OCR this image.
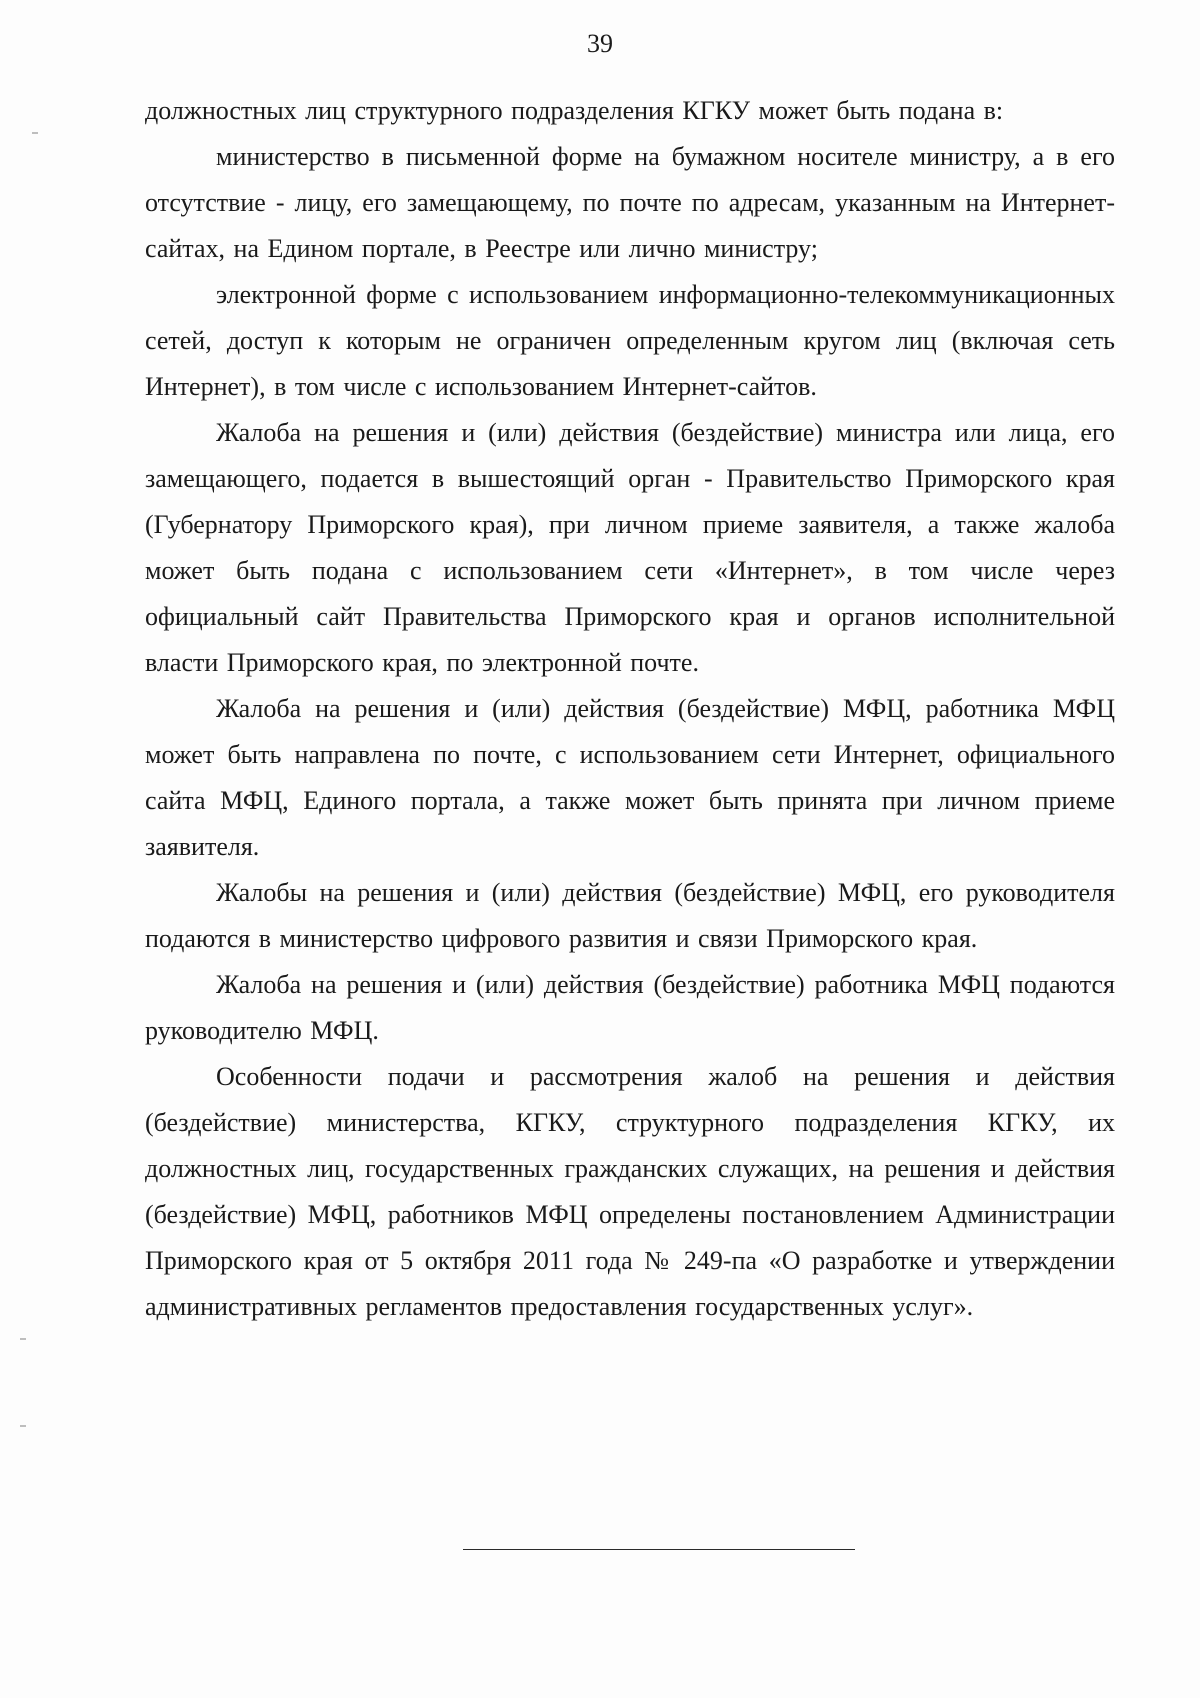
39

должностных лиц структурного подразделения КГКУ может быть подана в:

министерство в письменной форме на бумажном носителе министру, а в его отсутствие - лицу, его замещающему, по почте по адресам, указанным на Интернет-сайтах, на Едином портале, в Реестре или лично министру;

электронной форме с использованием информационно-телекоммуникационных сетей, доступ к которым не ограничен определенным кругом лиц (включая сеть Интернет), в том числе с использованием Интернет-сайтов.

Жалоба на решения и (или) действия (бездействие) министра или лица, его замещающего, подается в вышестоящий орган - Правительство Приморского края (Губернатору Приморского края), при личном приеме заявителя, а также жалоба может быть подана с использованием сети «Интернет», в том числе через официальный сайт Правительства Приморского края и органов исполнительной власти Приморского края, по электронной почте.

Жалоба на решения и (или) действия (бездействие) МФЦ, работника МФЦ может быть направлена по почте, с использованием сети Интернет, официального сайта МФЦ, Единого портала, а также может быть принята при личном приеме заявителя.

Жалобы на решения и (или) действия (бездействие) МФЦ, его руководителя подаются в министерство цифрового развития и связи Приморского края.

Жалоба на решения и (или) действия (бездействие) работника МФЦ подаются руководителю МФЦ.

Особенности подачи и рассмотрения жалоб на решения и действия (бездействие) министерства, КГКУ, структурного подразделения КГКУ, их должностных лиц, государственных гражданских служащих, на решения и действия (бездействие) МФЦ, работников МФЦ определены постановлением Администрации Приморского края от 5 октября 2011 года № 249-па «О разработке и утверждении административных регламентов предоставления государственных услуг».
